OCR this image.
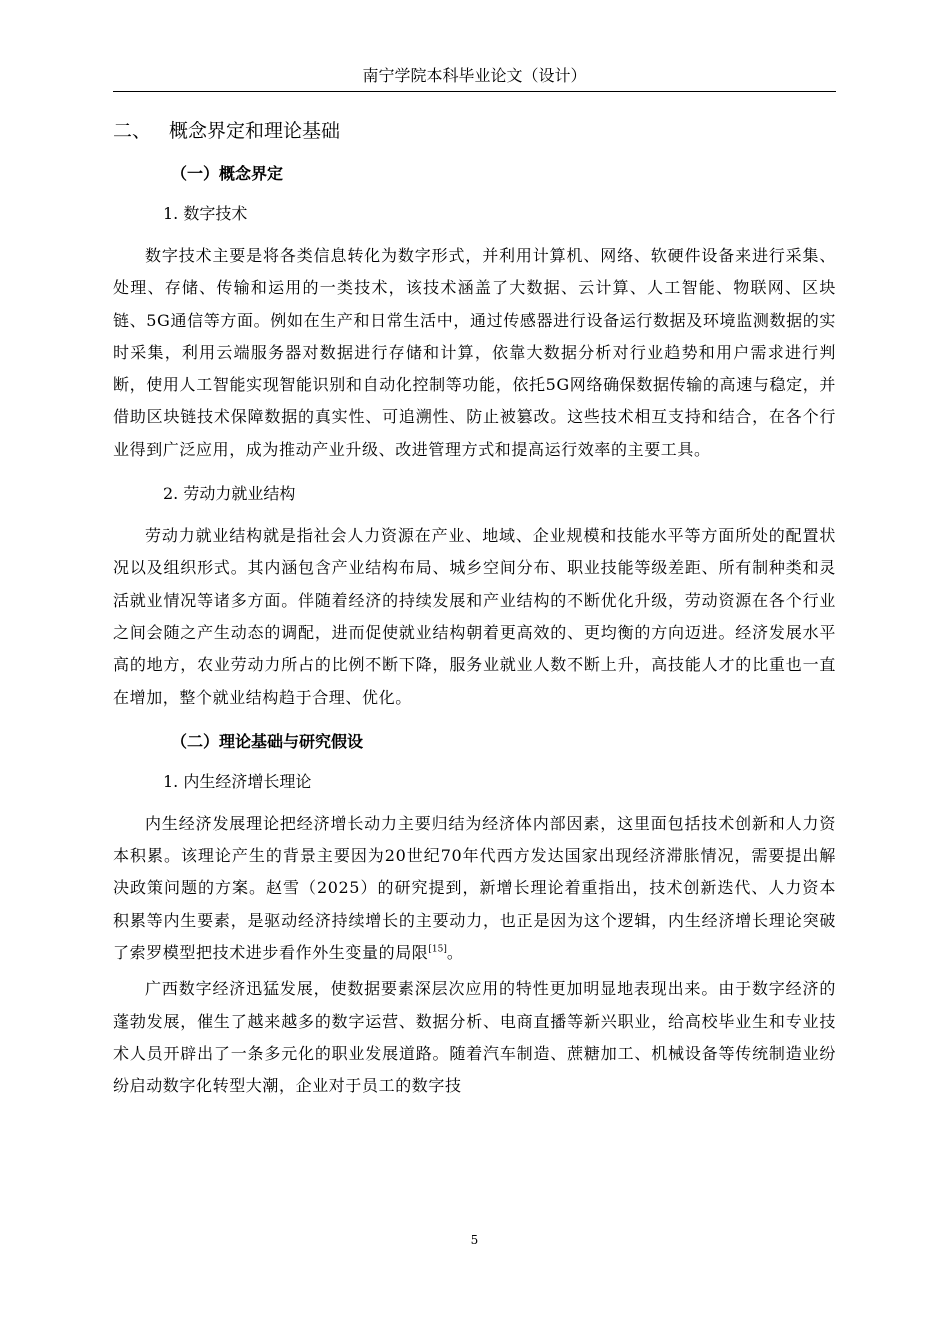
南宁学院本科毕业论文（设计）
二、 概念界定和理论基础
（一）概念界定
1. 数字技术

数字技术主要是将各类信息转化为数字形式，并利用计算机、网络、软硬件设备来进行采集、处理、存储、传输和运用的一类技术，该技术涵盖了大数据、云计算、人工智能、物联网、区块链、5G通信等方面。例如在生产和日常生活中，通过传感器进行设备运行数据及环境监测数据的实时采集，利用云端服务器对数据进行存储和计算，依靠大数据分析对行业趋势和用户需求进行判断，使用人工智能实现智能识别和自动化控制等功能，依托5G网络确保数据传输的高速与稳定，并借助区块链技术保障数据的真实性、可追溯性、防止被篡改。这些技术相互支持和结合，在各个行业得到广泛应用，成为推动产业升级、改进管理方式和提高运行效率的主要工具。

2. 劳动力就业结构

劳动力就业结构就是指社会人力资源在产业、地域、企业规模和技能水平等方面所处的配置状况以及组织形式。其内涵包含产业结构布局、城乡空间分布、职业技能等级差距、所有制种类和灵活就业情况等诸多方面。伴随着经济的持续发展和产业结构的不断优化升级，劳动资源在各个行业之间会随之产生动态的调配，进而促使就业结构朝着更高效的、更均衡的方向迈进。经济发展水平高的地方，农业劳动力所占的比例不断下降，服务业就业人数不断上升，高技能人才的比重也一直在增加，整个就业结构趋于合理、优化。

（二）理论基础与研究假设
1. 内生经济增长理论

内生经济发展理论把经济增长动力主要归结为经济体内部因素，这里面包括技术创新和人力资本积累。该理论产生的背景主要因为20世纪70年代西方发达国家出现经济滞胀情况，需要提出解决政策问题的方案。赵雪（2025）的研究提到，新增长理论着重指出，技术创新迭代、人力资本积累等内生要素，是驱动经济持续增长的主要动力，也正是因为这个逻辑，内生经济增长理论突破了索罗模型把技术进步看作外生变量的局限[15]。

广西数字经济迅猛发展，使数据要素深层次应用的特性更加明显地表现出来。由于数字经济的蓬勃发展，催生了越来越多的数字运营、数据分析、电商直播等新兴职业，给高校毕业生和专业技术人员开辟出了一条多元化的职业发展道路。随着汽车制造、蔗糖加工、机械设备等传统制造业纷纷启动数字化转型大潮，企业对于员工的数字技

5
